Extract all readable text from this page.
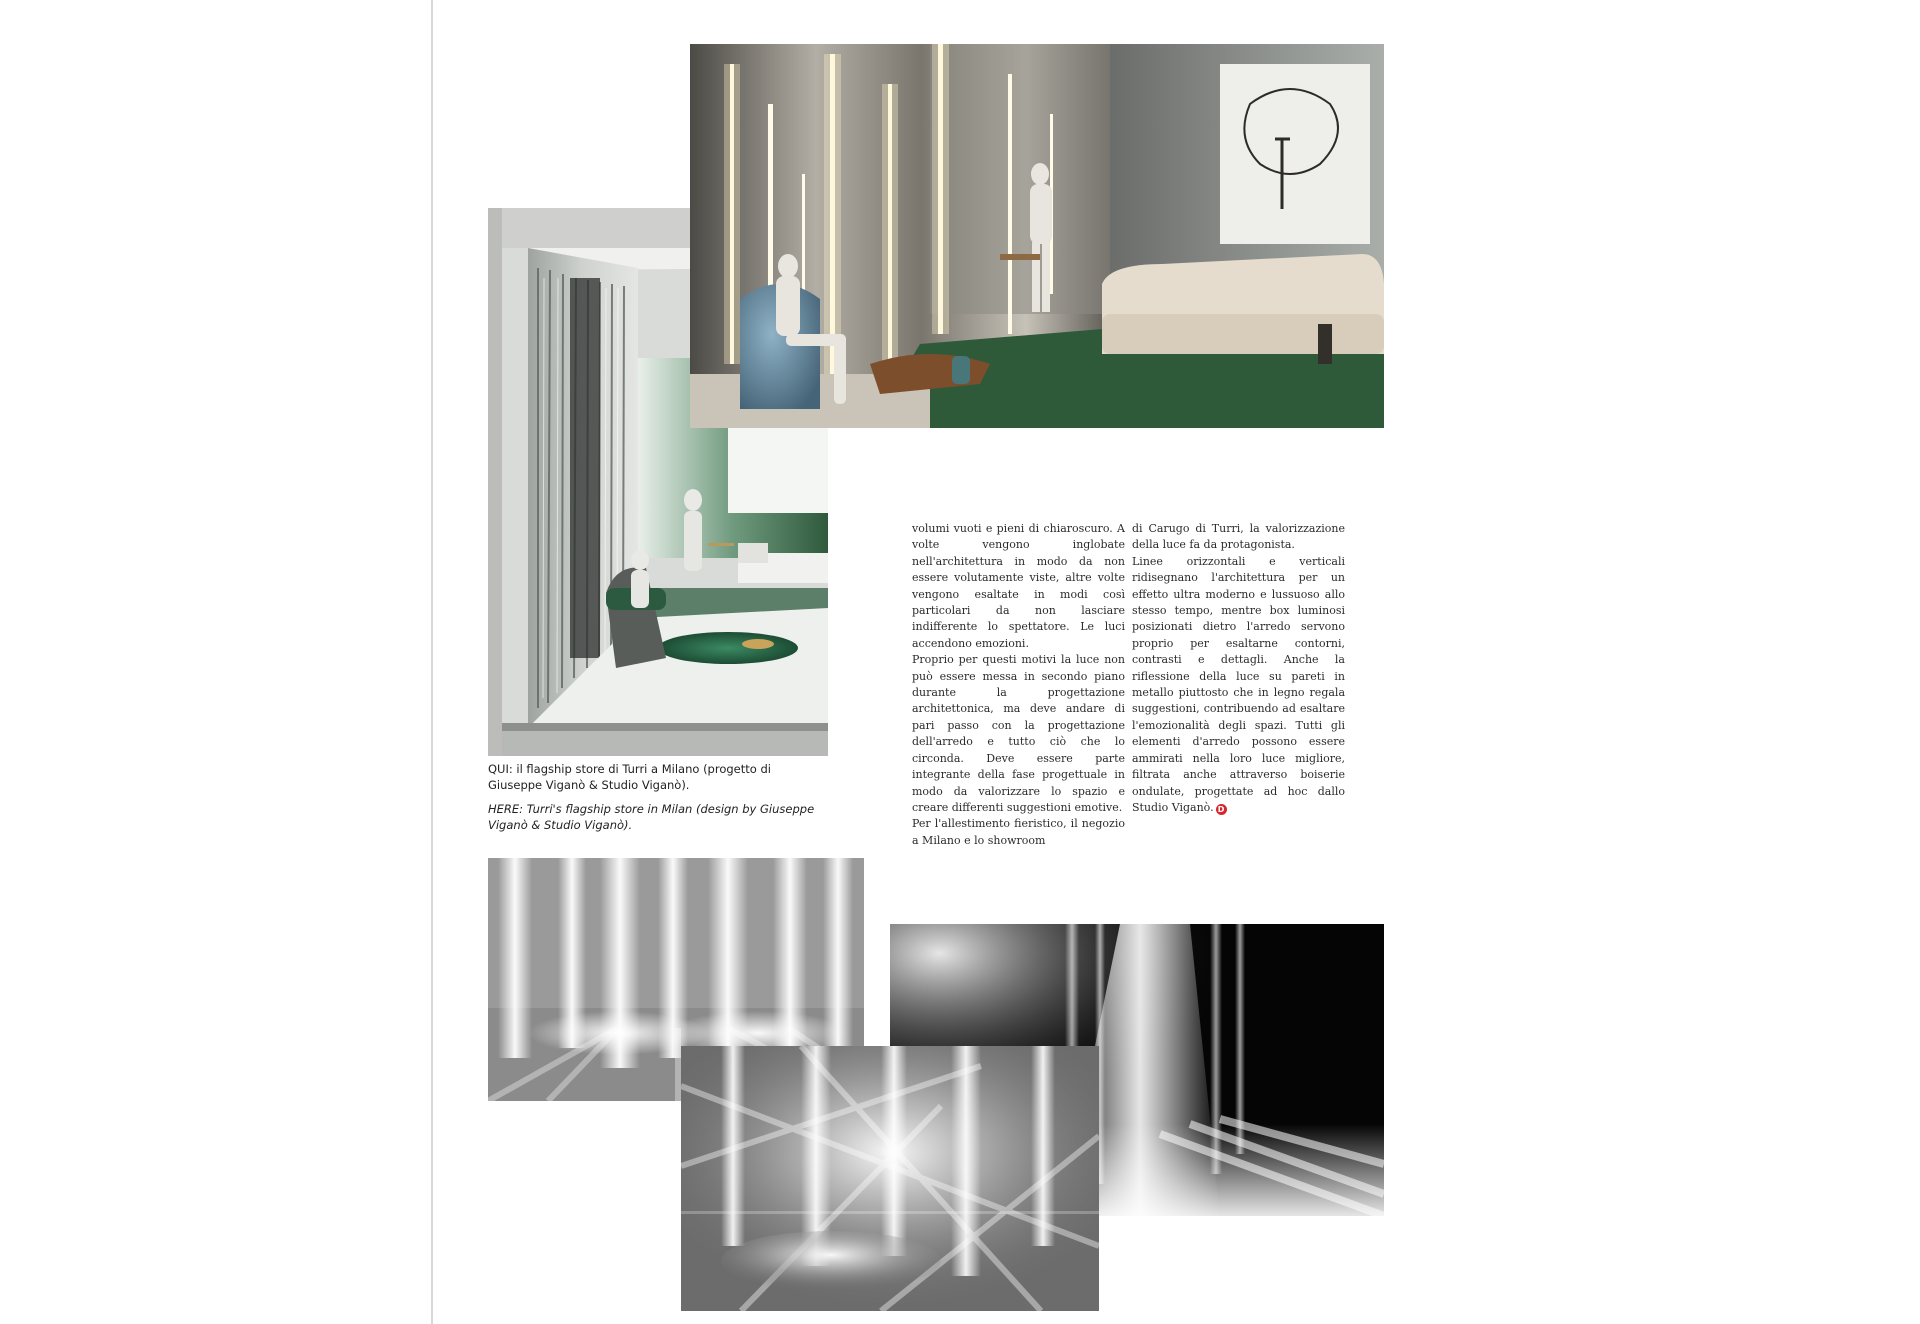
QUI: il flagship store di Turri a Milano (progetto di Giuseppe Viganò & Studio Viganò).

HERE: Turri's flagship store in Milan (design by Giuseppe Viganò & Studio Viganò).

volumi vuoti e pieni di chiaroscuro. A volte vengono inglobate nell'architettura in modo da non essere volutamente viste, altre volte vengono esaltate in modi così particolari da non lasciare indifferente lo spettatore. Le luci accendono emozioni.

Proprio per questi motivi la luce non può essere messa in secondo piano durante la progettazione architettonica, ma deve andare di pari passo con la progettazione dell'arredo e tutto ciò che lo circonda. Deve essere parte integrante della fase progettuale in modo da valorizzare lo spazio e creare differenti suggestioni emotive.

Per l'allestimento fieristico, il negozio a Milano e lo showroom

di Carugo di Turri, la valorizzazione della luce fa da protagonista.

Linee orizzontali e verticali ridisegnano l'architettura per un effetto ultra moderno e lussuoso allo stesso tempo, mentre box luminosi posizionati dietro l'arredo servono proprio per esaltarne contorni, contrasti e dettagli. Anche la riflessione della luce su pareti in metallo piuttosto che in legno regala suggestioni, contribuendo ad esaltare l'emozionalità degli spazi. Tutti gli elementi d'arredo possono essere ammirati nella loro luce migliore, filtrata anche attraverso boiserie ondulate, progettate ad hoc dallo Studio Viganò. D
